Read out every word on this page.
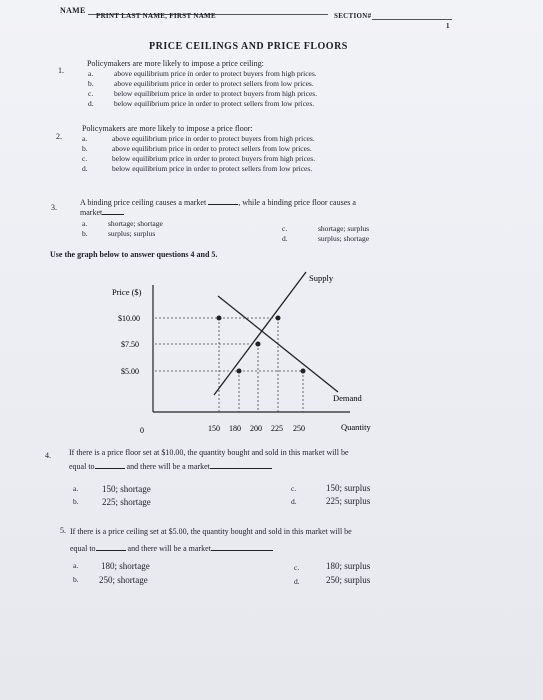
NAME
PRINT LAST NAME, FIRST NAME	SECTION#
1
PRICE CEILINGS AND PRICE FLOORS
1.
Policymakers are more likely to impose a price ceiling:
a.	above equilibrium price in order to protect buyers from high prices.
b.	above equilibrium price in order to protect sellers from low prices.
c.	below equilibrium price in order to protect buyers from high prices.
d.	below equilibrium price in order to protect sellers from low prices.
2.
Policymakers are more likely to impose a price floor:
a.	above equilibrium price in order to protect buyers from high prices.
b.	above equilibrium price in order to protect sellers from low prices.
c.	below equilibrium price in order to protect buyers from high prices.
d.	below equilibrium price in order to protect sellers from low prices.
3.
A binding price ceiling causes a market	, while a binding price floor causes a
market
a.	shortage; shortage
b.	surplus; surplus
c.	shortage; surplus
d.	surplus; shortage
Use the graph below to answer questions 4 and 5.
Price ($)
$10.00
$7.50
$5.00
Supply
Demand
0	150 180 200 225 250	Quantity
4. If there is a price floor set at $10.00, the quantity bought and sold in this market will be
equal to	and there will be a market
a.	150; shortage
b.	225; shortage
c.	150; surplus
d.	225; surplus
5. If there is a price ceiling set at $5.00, the quantity bought and sold in this market will be
equal to	and there will be a market
a.	180; shortage
b. 250; shortage
c.	180; surplus
d.	250; surplus
